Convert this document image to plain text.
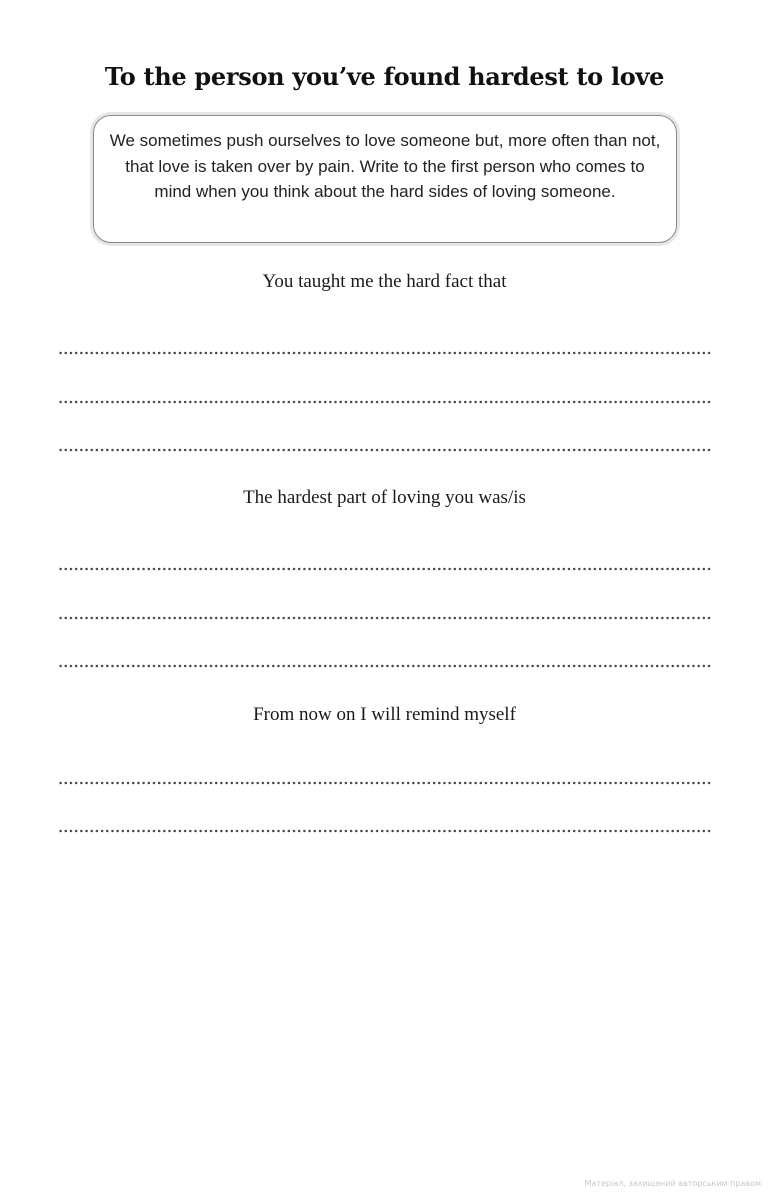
To the person you’ve found hardest to love
We sometimes push ourselves to love someone but, more often than not, that love is taken over by pain. Write to the first person who comes to mind when you think about the hard sides of loving someone.

You taught me the hard fact that

The hardest part of loving you was/is

From now on I will remind myself

Матеріал, захищений авторським правом
